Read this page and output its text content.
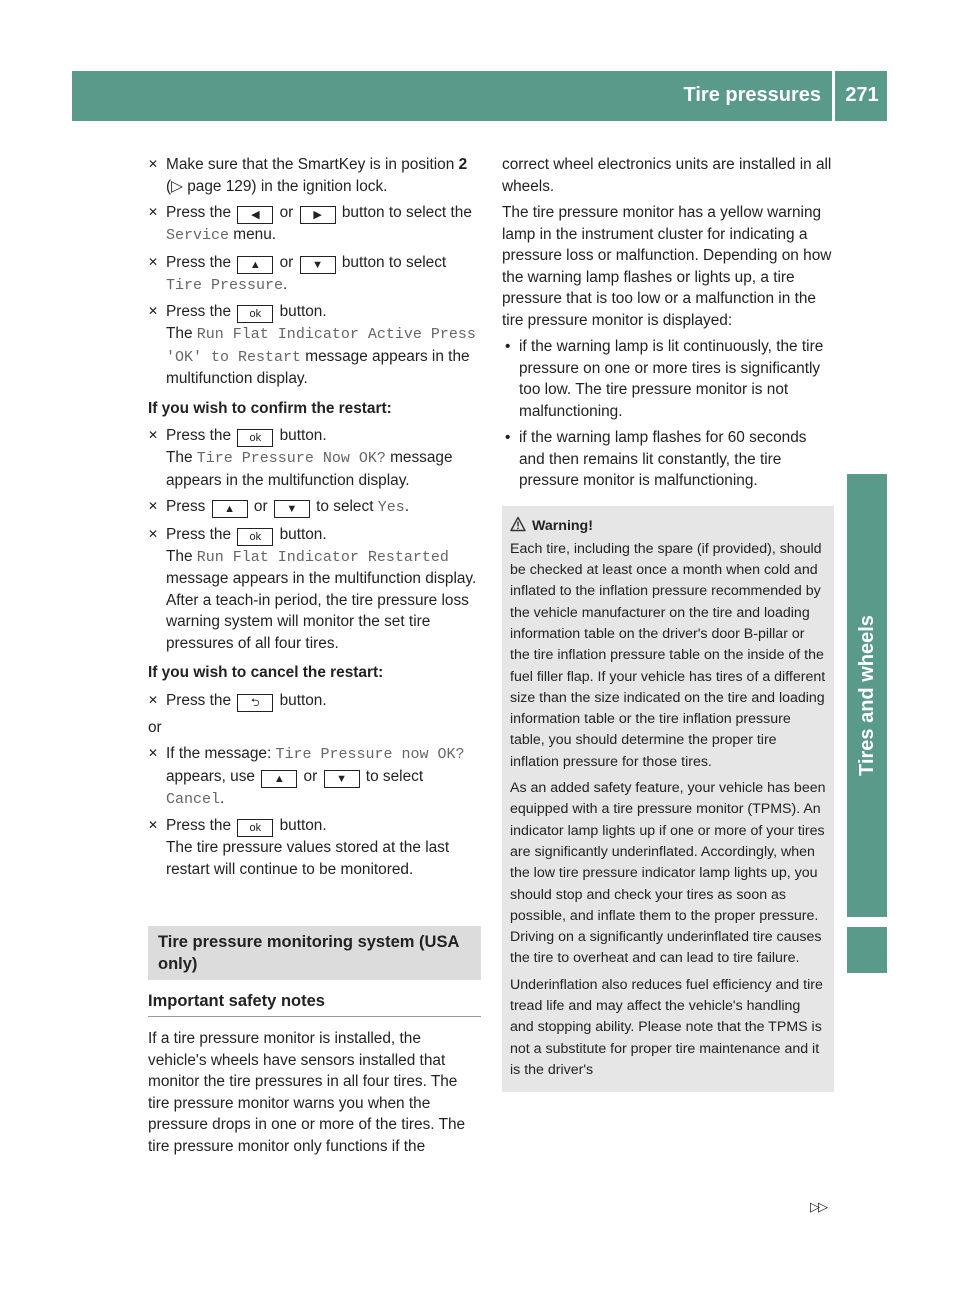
Tire pressures	271
Tires and wheels
✕ Make sure that the SmartKey is in position 2 (▷ page 129) in the ignition lock.
✕ Press the ◀ or ▶ button to select the Service menu.
✕ Press the ▲ or ▼ button to select Tire Pressure.
✕ Press the ok button.
The Run Flat Indicator Active Press 'OK' to Restart message appears in the multifunction display.
If you wish to confirm the restart:
✕ Press the ok button.
The Tire Pressure Now OK? message appears in the multifunction display.
✕ Press ▲ or ▼ to select Yes.
✕ Press the ok button.
The Run Flat Indicator Restarted message appears in the multifunction display.
After a teach-in period, the tire pressure loss warning system will monitor the set tire pressures of all four tires.
If you wish to cancel the restart:
✕ Press the ⮌ button.
or
✕ If the message: Tire Pressure now OK? appears, use ▲ or ▼ to select Cancel.
✕ Press the ok button.
The tire pressure values stored at the last restart will continue to be monitored.
Tire pressure monitoring system (USA only)
Important safety notes

If a tire pressure monitor is installed, the vehicle's wheels have sensors installed that monitor the tire pressures in all four tires. The tire pressure monitor warns you when the pressure drops in one or more of the tires. The tire pressure monitor only functions if the

correct wheel electronics units are installed in all wheels.

The tire pressure monitor has a yellow warning lamp in the instrument cluster for indicating a pressure loss or malfunction. Depending on how the warning lamp flashes or lights up, a tire pressure that is too low or a malfunction in the tire pressure monitor is displayed:

• if the warning lamp is lit continuously, the tire pressure on one or more tires is significantly too low. The tire pressure monitor is not malfunctioning.
• if the warning lamp flashes for 60 seconds and then remains lit constantly, the tire pressure monitor is malfunctioning.
Warning!

Each tire, including the spare (if provided), should be checked at least once a month when cold and inflated to the inflation pressure recommended by the vehicle manufacturer on the tire and loading information table on the driver's door B-pillar or the tire inflation pressure table on the inside of the fuel filler flap. If your vehicle has tires of a different size than the size indicated on the tire and loading information table or the tire inflation pressure table, you should determine the proper tire inflation pressure for those tires.

As an added safety feature, your vehicle has been equipped with a tire pressure monitor (TPMS). An indicator lamp lights up if one or more of your tires are significantly underinflated. Accordingly, when the low tire pressure indicator lamp lights up, you should stop and check your tires as soon as possible, and inflate them to the proper pressure. Driving on a significantly underinflated tire causes the tire to overheat and can lead to tire failure.

Underinflation also reduces fuel efficiency and tire tread life and may affect the vehicle's handling and stopping ability. Please note that the TPMS is not a substitute for proper tire maintenance and it is the driver's

▷▷
